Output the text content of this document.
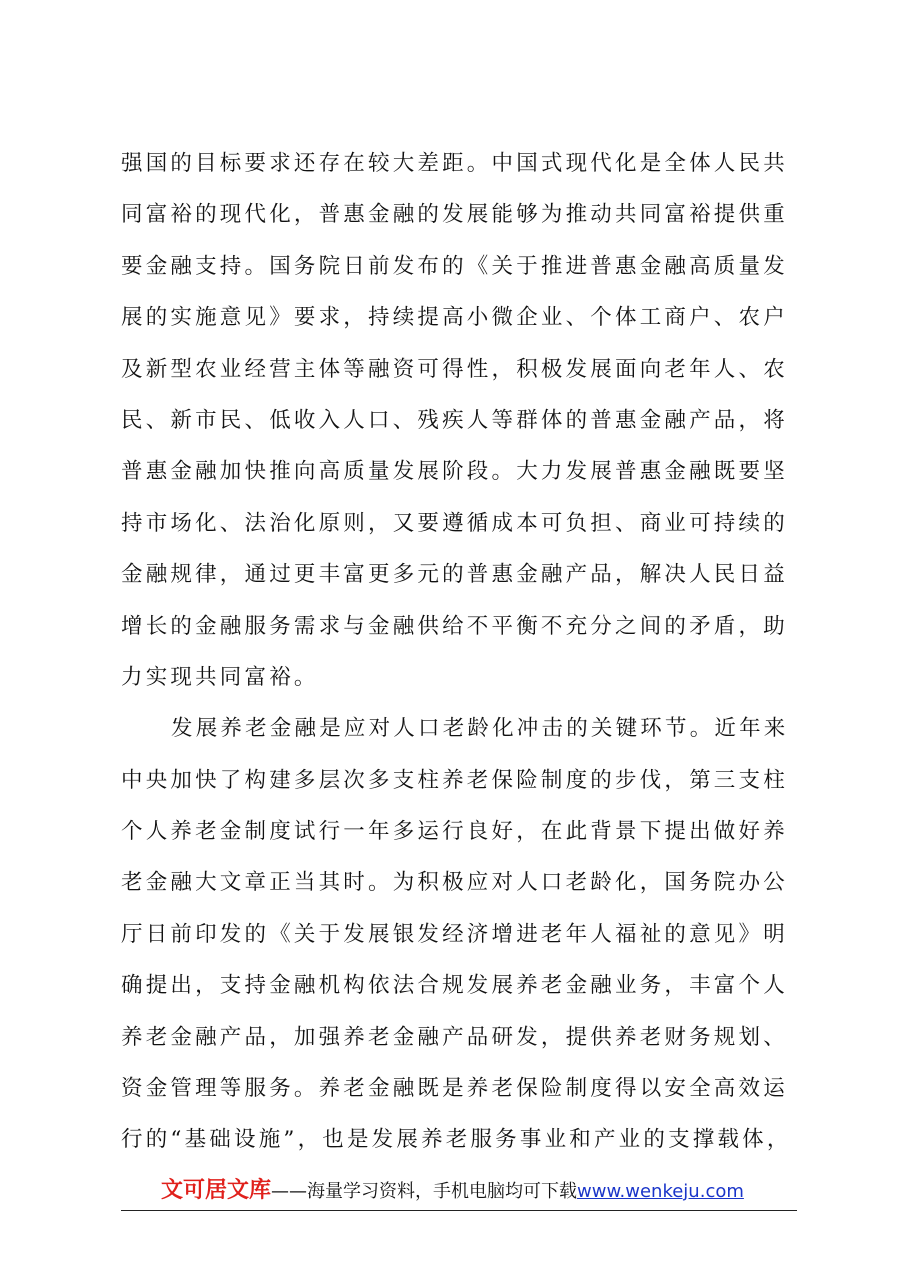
强国的目标要求还存在较大差距。中国式现代化是全体人民共
同富裕的现代化，普惠金融的发展能够为推动共同富裕提供重
要金融支持。国务院日前发布的《关于推进普惠金融高质量发
展的实施意见》要求，持续提高小微企业、个体工商户、农户
及新型农业经营主体等融资可得性，积极发展面向老年人、农
民、新市民、低收入人口、残疾人等群体的普惠金融产品，将
普惠金融加快推向高质量发展阶段。大力发展普惠金融既要坚
持市场化、法治化原则，又要遵循成本可负担、商业可持续的
金融规律，通过更丰富更多元的普惠金融产品，解决人民日益
增长的金融服务需求与金融供给不平衡不充分之间的矛盾，助
力实现共同富裕。
发展养老金融是应对人口老龄化冲击的关键环节。近年来
中央加快了构建多层次多支柱养老保险制度的步伐，第三支柱
个人养老金制度试行一年多运行良好，在此背景下提出做好养
老金融大文章正当其时。为积极应对人口老龄化，国务院办公
厅日前印发的《关于发展银发经济增进老年人福祉的意见》明
确提出，支持金融机构依法合规发展养老金融业务，丰富个人
养老金融产品，加强养老金融产品研发，提供养老财务规划、
资金管理等服务。养老金融既是养老保险制度得以安全高效运
行的“基础设施”，也是发展养老服务事业和产业的支撑载体，
文可居文库——海量学习资料，手机电脑均可下载www.wenkeju.com
